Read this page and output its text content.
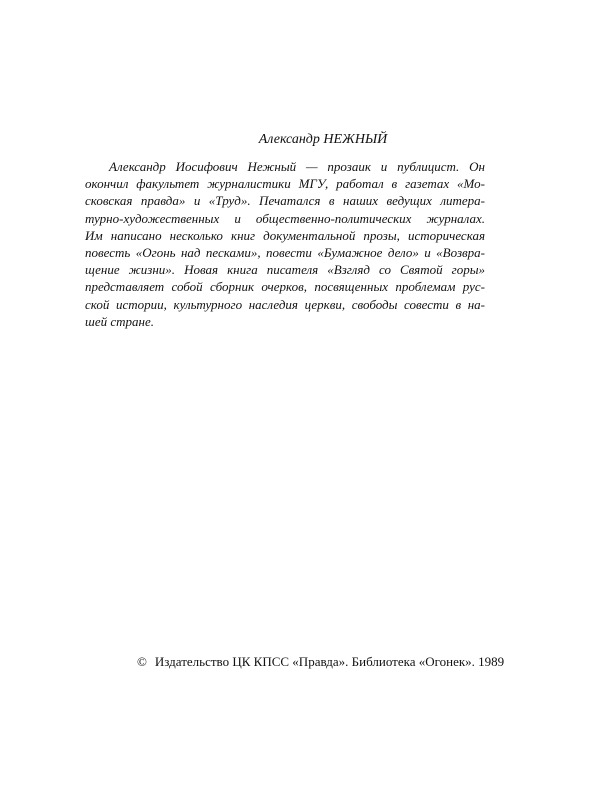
Александр НЕЖНЫЙ
Александр Иосифович Нежный — прозаик и публицист. Он
окончил факультет журналистики МГУ, работал в газетах «Мо-
сковская правда» и «Труд». Печатался в наших ведущих литера-
турно-художественных и общественно-политических журналах.
Им написано несколько книг документальной прозы, историческая
повесть «Огонь над песками», повести «Бумажное дело» и «Возвра-
щение жизни». Новая книга писателя «Взгляд со Святой горы»
представляет собой сборник очерков, посвященных проблемам рус-
ской истории, культурного наследия церкви, свободы совести в на-
шей стране.
© Издательство ЦК КПСС «Правда». Библиотека «Огонек». 1989
